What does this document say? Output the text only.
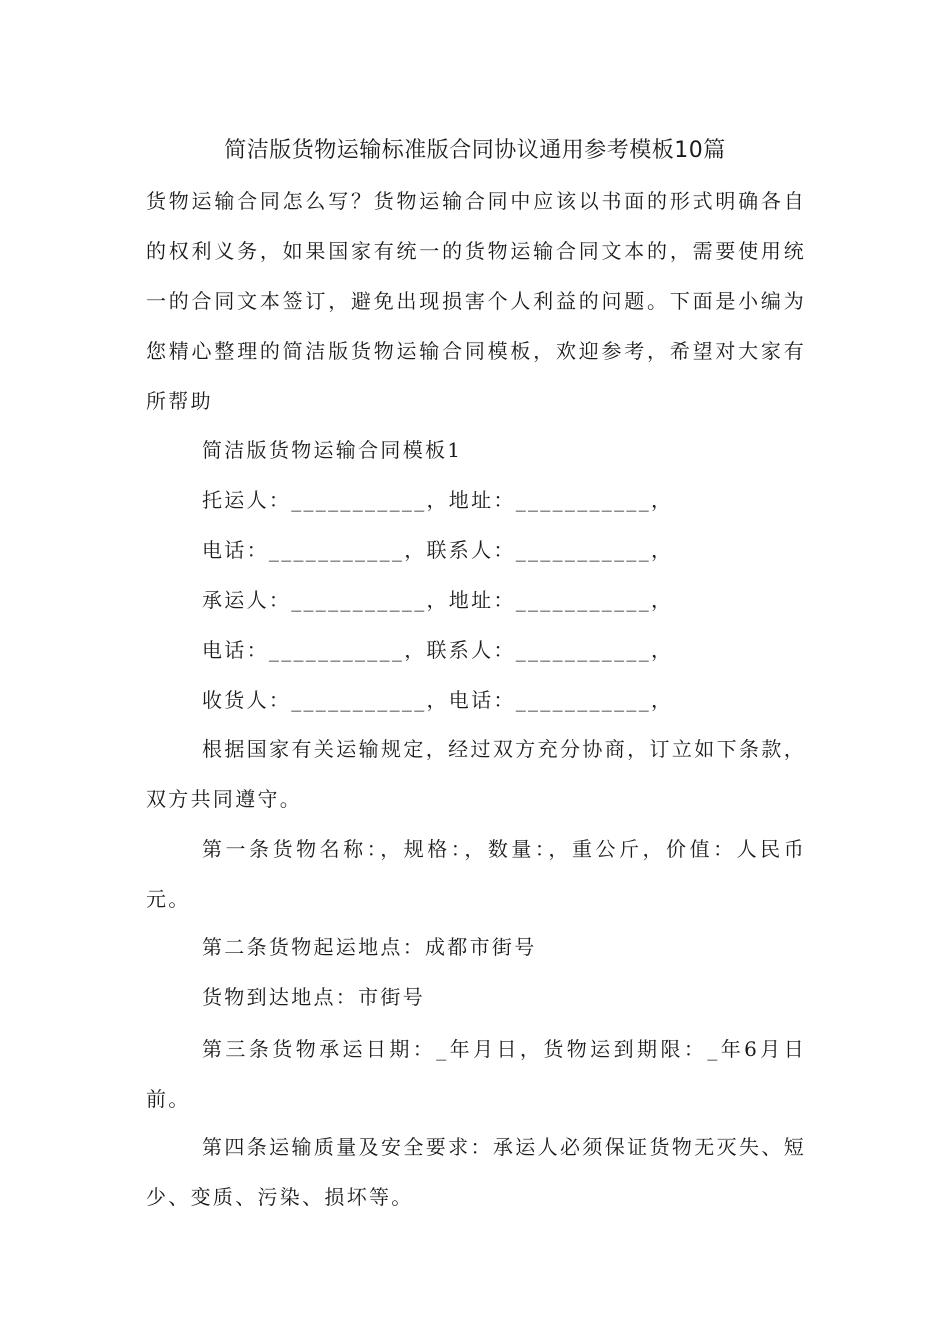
简洁版货物运输标准版合同协议通用参考模板10篇
货物运输合同怎么写？货物运输合同中应该以书面的形式明确各自的权利义务，如果国家有统一的货物运输合同文本的，需要使用统一的合同文本签订，避免出现损害个人利益的问题。下面是小编为您精心整理的简洁版货物运输合同模板，欢迎参考，希望对大家有所帮助
简洁版货物运输合同模板1
托运人：___________，地址：___________，
电话：___________，联系人：___________，
承运人：___________，地址：___________，
电话：___________，联系人：___________，
收货人：___________，电话：___________，
根据国家有关运输规定，经过双方充分协商，订立如下条款，双方共同遵守。
第一条货物名称：，规格：，数量：，重公斤，价值：人民币元。
第二条货物起运地点：成都市街号
货物到达地点：市街号
第三条货物承运日期：_年月日，货物运到期限：_年6月日前。
第四条运输质量及安全要求：承运人必须保证货物无灭失、短少、变质、污染、损坏等。
